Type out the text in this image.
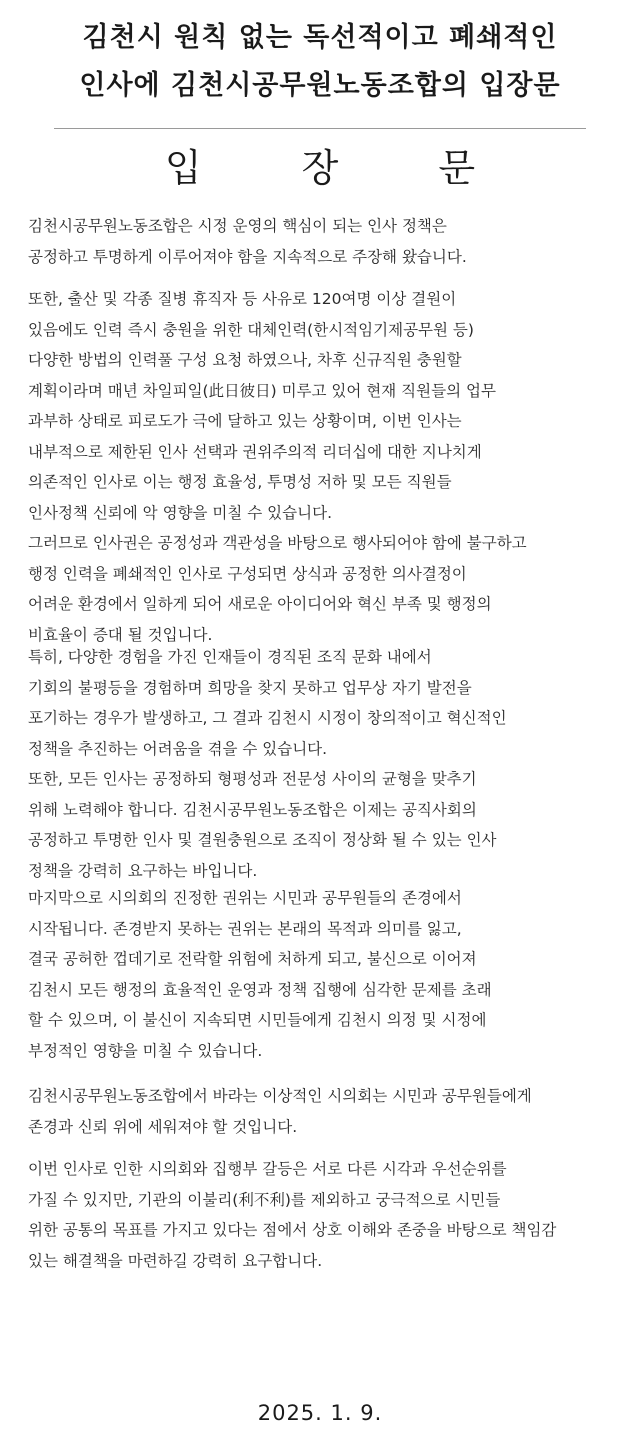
김천시 원칙 없는 독선적이고 폐쇄적인
인사에 김천시공무원노동조합의 입장문
입 장 문
김천시공무원노동조합은 시정 운영의 핵심이 되는 인사 정책은
공정하고 투명하게 이루어져야 함을 지속적으로 주장해 왔습니다.
또한, 출산 및 각종 질병 휴직자 등 사유로 120여명 이상 결원이
있음에도 인력 즉시 충원을 위한 대체인력(한시적임기제공무원 등)
다양한 방법의 인력풀 구성 요청 하였으나, 차후 신규직원 충원할
계획이라며 매년 차일피일(此日彼日) 미루고 있어 현재 직원들의 업무
과부하 상태로 피로도가 극에 달하고 있는 상황이며, 이번 인사는
내부적으로 제한된 인사 선택과 권위주의적 리더십에 대한 지나치게
의존적인 인사로 이는 행정 효율성, 투명성 저하 및 모든 직원들
인사정책 신뢰에 악 영향을 미칠 수 있습니다.
그러므로 인사권은 공정성과 객관성을 바탕으로 행사되어야 함에 불구하고
행정 인력을 폐쇄적인 인사로 구성되면 상식과 공정한 의사결정이
어려운 환경에서 일하게 되어 새로운 아이디어와 혁신 부족 및 행정의
비효율이 증대 될 것입니다.
특히, 다양한 경험을 가진 인재들이 경직된 조직 문화 내에서
기회의 불평등을 경험하며 희망을 찾지 못하고 업무상 자기 발전을
포기하는 경우가 발생하고, 그 결과 김천시 시정이 창의적이고 혁신적인
정책을 추진하는 어려움을 겪을 수 있습니다.
또한, 모든 인사는 공정하되 형평성과 전문성 사이의 균형을 맞추기
위해 노력해야 합니다. 김천시공무원노동조합은 이제는 공직사회의
공정하고 투명한 인사 및 결원충원으로 조직이 정상화 될 수 있는 인사
정책을 강력히 요구하는 바입니다.
마지막으로 시의회의 진정한 권위는 시민과 공무원들의 존경에서
시작됩니다. 존경받지 못하는 권위는 본래의 목적과 의미를 잃고,
결국 공허한 껍데기로 전락할 위험에 처하게 되고, 불신으로 이어져
김천시 모든 행정의 효율적인 운영과 정책 집행에 심각한 문제를 초래
할 수 있으며, 이 불신이 지속되면 시민들에게 김천시 의정 및 시정에
부정적인 영향을 미칠 수 있습니다.
김천시공무원노동조합에서 바라는 이상적인 시의회는 시민과 공무원들에게
존경과 신뢰 위에 세워져야 할 것입니다.
이번 인사로 인한 시의회와 집행부 갈등은 서로 다른 시각과 우선순위를
가질 수 있지만, 기관의 이불리(利不利)를 제외하고 궁극적으로 시민들
위한 공통의 목표를 가지고 있다는 점에서 상호 이해와 존중을 바탕으로 책임감
있는 해결책을 마련하길 강력히 요구합니다.
2025. 1. 9.
